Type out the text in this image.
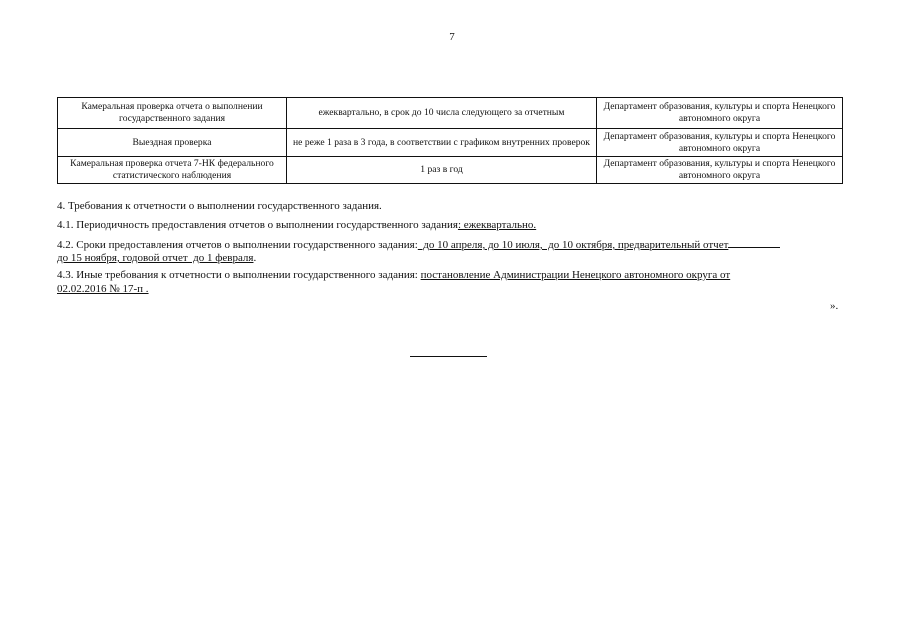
7
Камеральная проверка отчета о выполнении государственного задания	ежеквартально, в срок до 10 числа следующего за отчетным	Департамент образования, культуры и спорта Ненецкого автономного округа
Выездная проверка	не реже 1 раза в 3 года, в соответствии с графиком внутренних проверок	Департамент образования, культуры и спорта Ненецкого автономного округа
Камеральная проверка отчета 7-НК федерального статистического наблюдения	1 раз в год	Департамент образования, культуры и спорта Ненецкого автономного округа
4. Требования к отчетности о выполнении государственного задания.
4.1. Периодичность предоставления отчетов о выполнении государственного задания: ежеквартально.
4.2. Сроки предоставления отчетов о выполнении государственного задания:  до 10 апреля, до 10 июля,  до 10 октября, предварительный отчет
до 15 ноября, годовой отчет  до 1 февраля.
4.3. Иные требования к отчетности о выполнении государственного задания: постановление Администрации Ненецкого автономного округа от
02.02.2016 № 17-п .
».
